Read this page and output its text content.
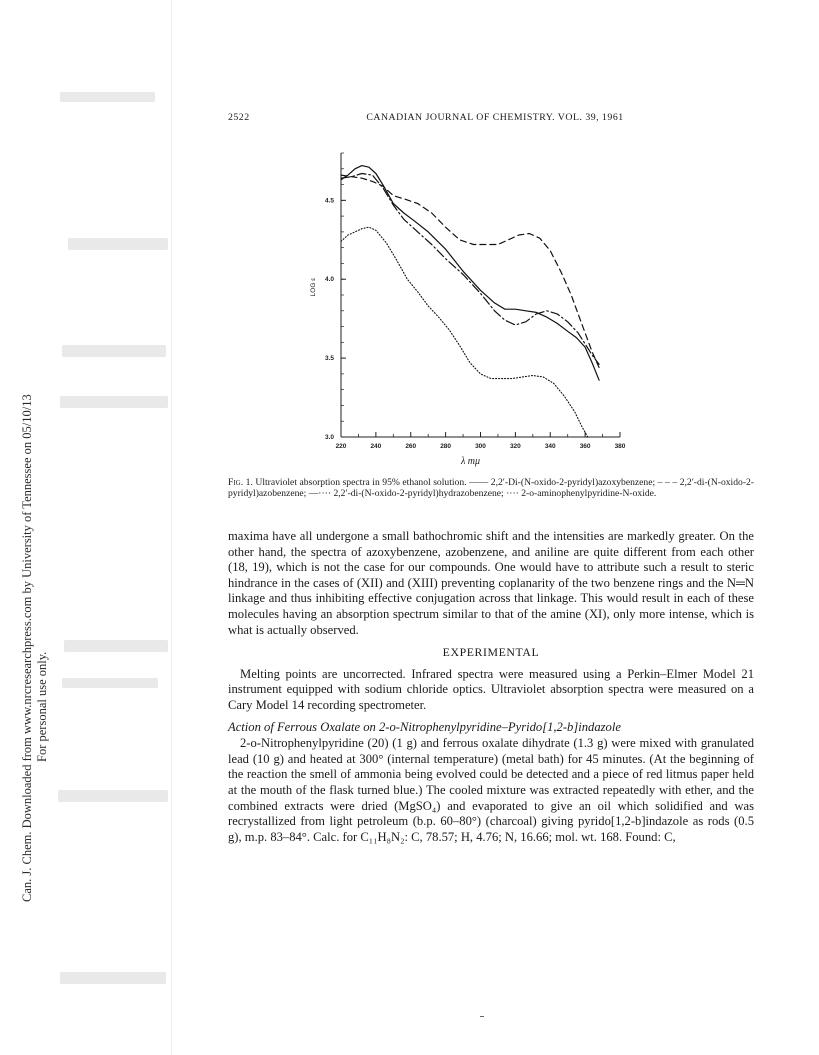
Can. J. Chem. Downloaded from www.nrcresearchpress.com by University of Tennessee on 05/10/13 For personal use only.
2522	CANADIAN JOURNAL OF CHEMISTRY. VOL. 39, 1961
220	240	260	280	300	320	340	360	380
3.0
3.5
4.0
4.5
λ mμ
LOG ε
Fig. 1. Ultraviolet absorption spectra in 95% ethanol solution. —— 2,2′-Di-(N-oxido-2-pyridyl)azoxybenzene; – – – 2,2′-di-(N-oxido-2-pyridyl)azobenzene; —···· 2,2′-di-(N-oxido-2-pyridyl)hydrazobenzene; ···· 2-o-aminophenylpyridine-N-oxide.

maxima have all undergone a small bathochromic shift and the intensities are markedly greater. On the other hand, the spectra of azoxybenzene, azobenzene, and aniline are quite different from each other (18, 19), which is not the case for our compounds. One would have to attribute such a result to steric hindrance in the cases of (XII) and (XIII) preventing coplanarity of the two benzene rings and the N═N linkage and thus inhibiting effective conjugation across that linkage. This would result in each of these molecules having an absorption spectrum similar to that of the amine (XI), only more intense, which is what is actually observed.

EXPERIMENTAL

Melting points are uncorrected. Infrared spectra were measured using a Perkin–Elmer Model 21 instrument equipped with sodium chloride optics. Ultraviolet absorption spectra were measured on a Cary Model 14 recording spectrometer.

Action of Ferrous Oxalate on 2-o-Nitrophenylpyridine–Pyrido[1,2-b]indazole

2-o-Nitrophenylpyridine (20) (1 g) and ferrous oxalate dihydrate (1.3 g) were mixed with granulated lead (10 g) and heated at 300° (internal temperature) (metal bath) for 45 minutes. (At the beginning of the reaction the smell of ammonia being evolved could be detected and a piece of red litmus paper held at the mouth of the flask turned blue.) The cooled mixture was extracted repeatedly with ether, and the combined extracts were dried (MgSO₄) and evaporated to give an oil which solidified and was recrystallized from light petroleum (b.p. 60–80°) (charcoal) giving pyrido[1,2-b]indazole as rods (0.5 g), m.p. 83–84°. Calc. for C₁₁H₈N₂: C, 78.57; H, 4.76; N, 16.66; mol. wt. 168. Found: C,
